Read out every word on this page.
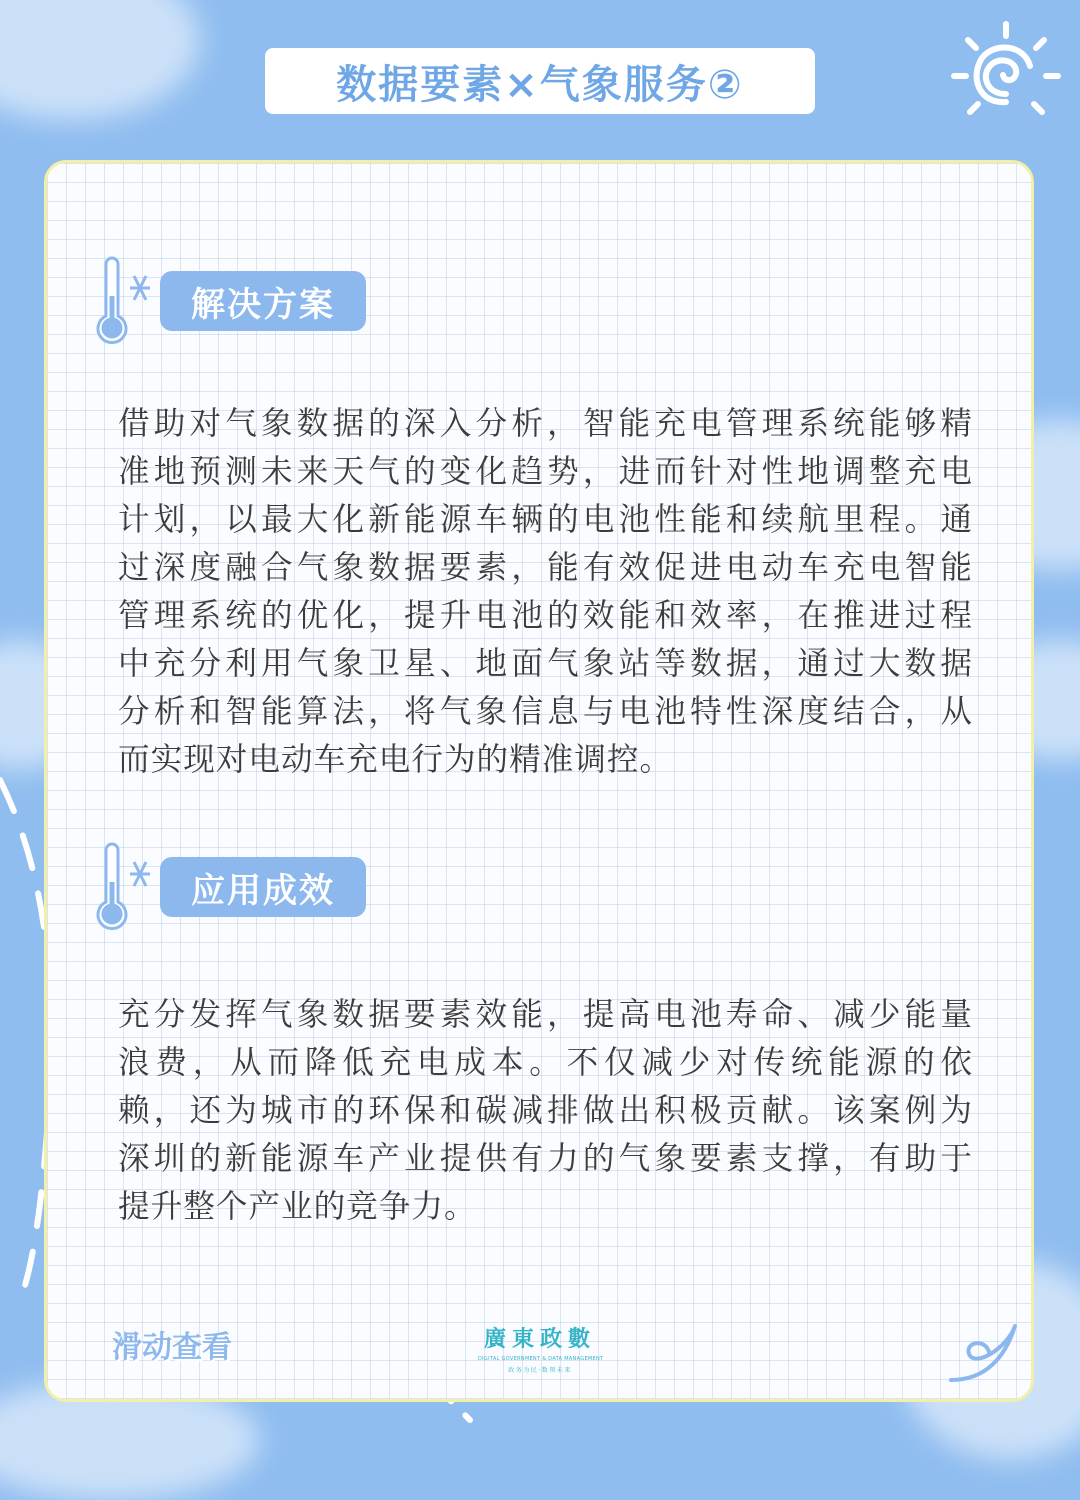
数据要素×气象服务②
解决方案

借助对气象数据的深入分析，智能充电管理系统能够精

准地预测未来天气的变化趋势，进而针对性地调整充电

计划，以最大化新能源车辆的电池性能和续航里程。通

过深度融合气象数据要素，能有效促进电动车充电智能

管理系统的优化，提升电池的效能和效率，在推进过程

中充分利用气象卫星、地面气象站等数据，通过大数据

分析和智能算法，将气象信息与电池特性深度结合，从

而实现对电动车充电行为的精准调控。

应用成效

充分发挥气象数据要素效能，提高电池寿命、减少能量

浪费，从而降低充电成本。不仅减少对传统能源的依

赖，还为城市的环保和碳减排做出积极贡献。该案例为

深圳的新能源车产业提供有力的气象要素支撑，有助于

提升整个产业的竞争力。

滑动查看	廣東政數
DIGITAL GOVERNMENT & DATA MANAGEMENT
政务为民·数领未来
